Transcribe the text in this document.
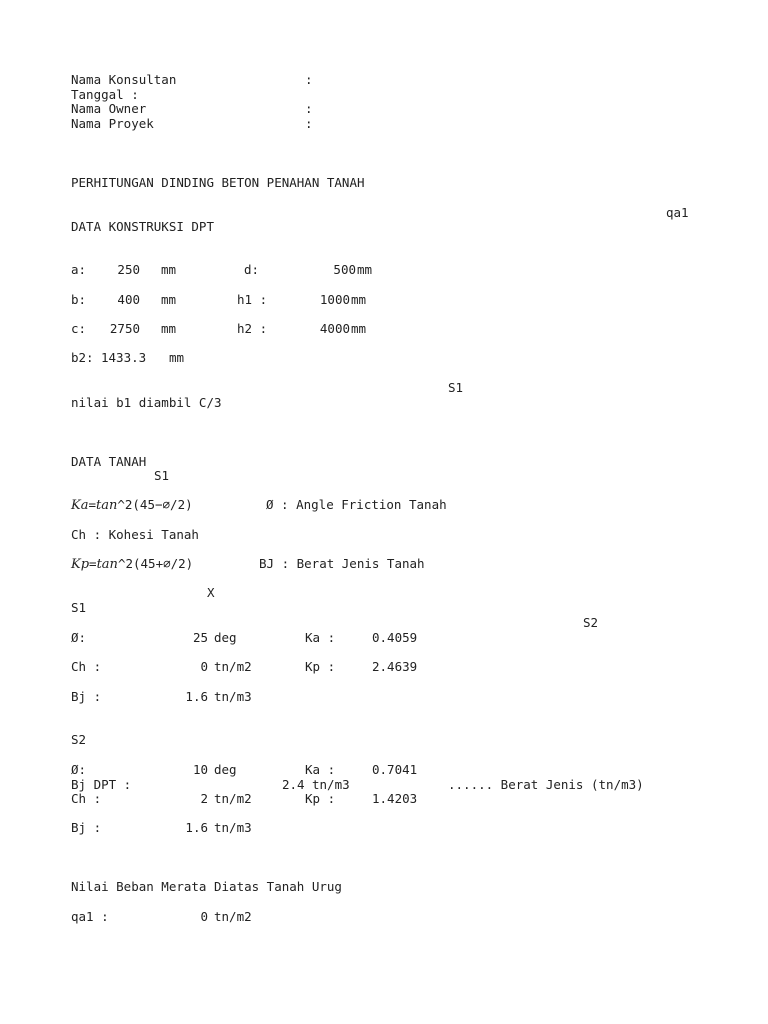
Nama Konsultan	:
Tanggal :
Nama Owner	:
Nama Proyek	:
PERHITUNGAN DINDING BETON PENAHAN TANAH
qa1
S1
S1
X
S1
S2
DATA KONSTRUKSI DPT
a:	250 mm	d:	500 mm
b:	400 mm	h1 :	1000 mm
c:	2750 mm	h2 :	4000 mm
b2: 1433.3 mm
nilai b1 diambil C/3
DATA TANAH
Ka=tan^2(45−∅/2)	Ø : Angle Friction Tanah
Ch : Kohesi Tanah
Kp=tan^2(45+∅/2)	BJ : Berat Jenis Tanah
Ø:	25 deg	Ka :	0.4059
Ch :	0 tn/m2	Kp :	2.4639
Bj :	1.6 tn/m3
S2
Ø:	10 deg	Ka :	0.7041
Bj DPT :	2.4 tn/m3	...... Berat Jenis (tn/m3)
Ch :	2 tn/m2	Kp :	1.4203
Bj :	1.6 tn/m3
Nilai Beban Merata Diatas Tanah Urug
qa1 :	0 tn/m2
